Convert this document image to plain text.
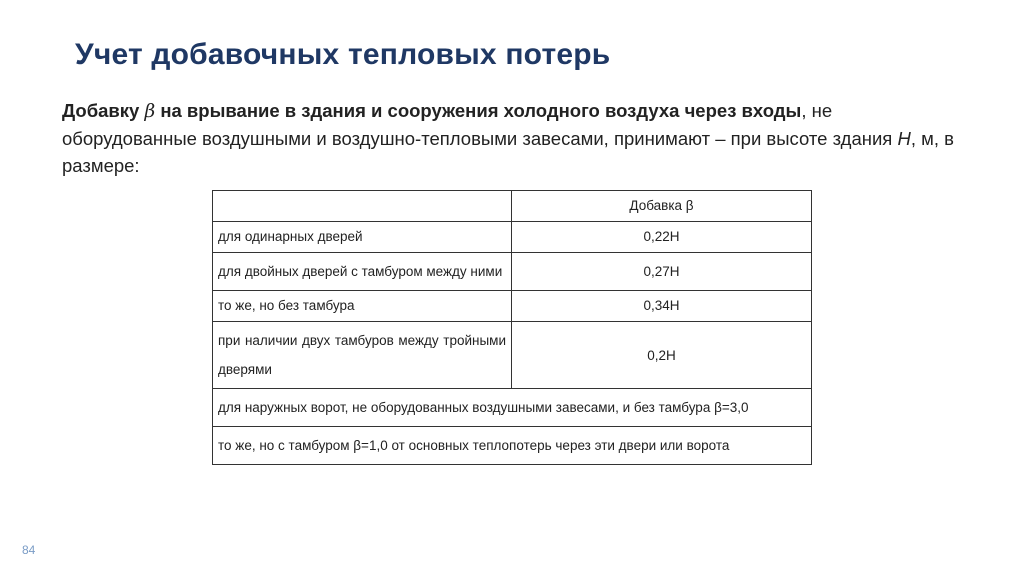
Учет добавочных тепловых потерь
Добавку β на врывание в здания и сооружения холодного воздуха через входы, не оборудованные воздушными и воздушно-тепловыми завесами, принимают – при высоте здания H, м, в размере:
	Добавка β
для одинарных дверей	0,22H
для двойных дверей с тамбуром между ними	0,27H
то же, но без тамбура	0,34H
при наличии двух тамбуров между тройными дверями	0,2H
для наружных ворот, не оборудованных воздушными завесами, и без тамбура β=3,0	
то же, но с тамбуром β=1,0 от основных теплопотерь через эти двери или ворота	
84
